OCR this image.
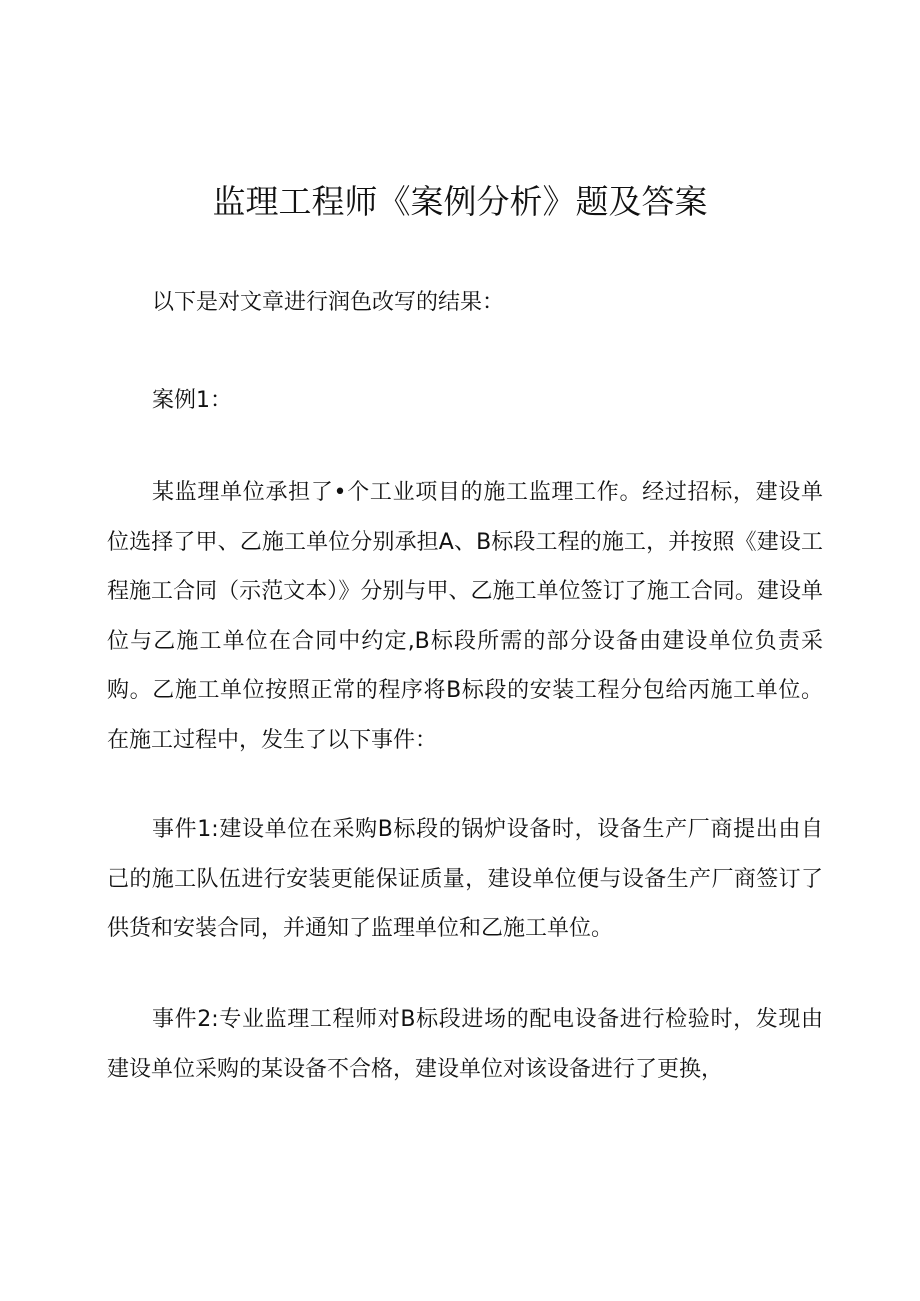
监理工程师《案例分析》题及答案

以下是对文章进行润色改写的结果：

案例1：

某监理单位承担了•个工业项目的施工监理工作。经过招标，建设单位选择了甲、乙施工单位分别承担A、B标段工程的施工，并按照《建设工程施工合同（示范文本）》分别与甲、乙施工单位签订了施工合同。建设单位与乙施工单位在合同中约定,B标段所需的部分设备由建设单位负责采购。乙施工单位按照正常的程序将B标段的安装工程分包给丙施工单位。在施工过程中，发生了以下事件：

事件1:建设单位在采购B标段的锅炉设备时，设备生产厂商提出由自己的施工队伍进行安装更能保证质量，建设单位便与设备生产厂商签订了供货和安装合同，并通知了监理单位和乙施工单位。

事件2:专业监理工程师对B标段进场的配电设备进行检验时，发现由建设单位采购的某设备不合格，建设单位对该设备进行了更换，
